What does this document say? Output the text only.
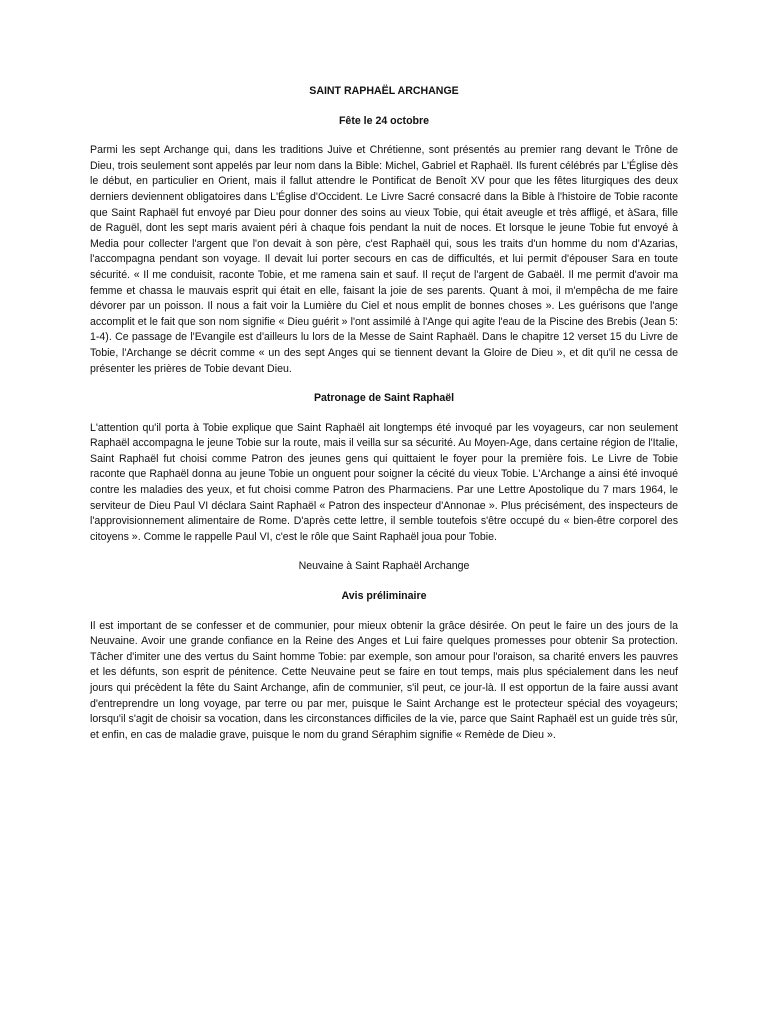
SAINT RAPHAËL ARCHANGE
Fête le 24 octobre

Parmi les sept Archange qui, dans les traditions Juive et Chrétienne, sont présentés au premier rang devant le Trône de Dieu, trois seulement sont appelés par leur nom dans la Bible: Michel, Gabriel et Raphaël. Ils furent célébrés par L'Église dès le début, en particulier en Orient, mais il fallut attendre le Pontificat de Benoît XV pour que les fêtes liturgiques des deux derniers deviennent obligatoires dans L'Église d'Occident. Le Livre Sacré consacré dans la Bible à l'histoire de Tobie raconte que Saint Raphaël fut envoyé par Dieu pour donner des soins au vieux Tobie, qui était aveugle et très affligé, et àSara, fille de Raguël, dont les sept maris avaient péri à chaque fois pendant la nuit de noces. Et lorsque le jeune Tobie fut envoyé à Media pour collecter l'argent que l'on devait à son père, c'est Raphaël qui, sous les traits d'un homme du nom d'Azarias, l'accompagna pendant son voyage. Il devait lui porter secours en cas de difficultés, et lui permit d'épouser Sara en toute sécurité. « Il me conduisit, raconte Tobie, et me ramena sain et sauf. Il reçut de l'argent de Gabaël. Il me permit d'avoir ma femme et chassa le mauvais esprit qui était en elle, faisant la joie de ses parents. Quant à moi, il m'empêcha de me faire dévorer par un poisson. Il nous a fait voir la Lumière du Ciel et nous emplit de bonnes choses ». Les guérisons que l'ange accomplit et le fait que son nom signifie « Dieu guérit » l'ont assimilé à l'Ange qui agite l'eau de la Piscine des Brebis (Jean 5: 1-4). Ce passage de l'Evangile est d'ailleurs lu lors de la Messe de Saint Raphaël. Dans le chapitre 12 verset 15 du Livre de Tobie, l'Archange se décrit comme « un des sept Anges qui se tiennent devant la Gloire de Dieu », et dit qu'il ne cessa de présenter les prières de Tobie devant Dieu.

Patronage de Saint Raphaël

L'attention qu'il porta à Tobie explique que Saint Raphaël ait longtemps été invoqué par les voyageurs, car non seulement Raphaël accompagna le jeune Tobie sur la route, mais il veilla sur sa sécurité. Au Moyen-Age, dans certaine région de l'Italie, Saint Raphaël fut choisi comme Patron des jeunes gens qui quittaient le foyer pour la première fois. Le Livre de Tobie raconte que Raphaël donna au jeune Tobie un onguent pour soigner la cécité du vieux Tobie. L'Archange a ainsi été invoqué contre les maladies des yeux, et fut choisi comme Patron des Pharmaciens. Par une Lettre Apostolique du 7 mars 1964, le serviteur de Dieu Paul VI déclara Saint Raphaël « Patron des inspecteur d'Annonae ». Plus précisément, des inspecteurs de l'approvisionnement alimentaire de Rome. D'après cette lettre, il semble toutefois s'être occupé du « bien-être corporel des citoyens ». Comme le rappelle Paul VI, c'est le rôle que Saint Raphaël joua pour Tobie.

Neuvaine à Saint Raphaël Archange
Avis préliminaire

Il est important de se confesser et de communier, pour mieux obtenir la grâce désirée. On peut le faire un des jours de la Neuvaine. Avoir une grande confiance en la Reine des Anges et Lui faire quelques promesses pour obtenir Sa protection. Tâcher d'imiter une des vertus du Saint homme Tobie: par exemple, son amour pour l'oraison, sa charité envers les pauvres et les défunts, son esprit de pénitence. Cette Neuvaine peut se faire en tout temps, mais plus spécialement dans les neuf jours qui précèdent la fête du Saint Archange, afin de communier, s'il peut, ce jour-là. Il est opportun de la faire aussi avant d'entreprendre un long voyage, par terre ou par mer, puisque le Saint Archange est le protecteur spécial des voyageurs; lorsqu'il s'agit de choisir sa vocation, dans les circonstances difficiles de la vie, parce que Saint Raphaël est un guide très sûr, et enfin, en cas de maladie grave, puisque le nom du grand Séraphim signifie « Remède de Dieu ».
